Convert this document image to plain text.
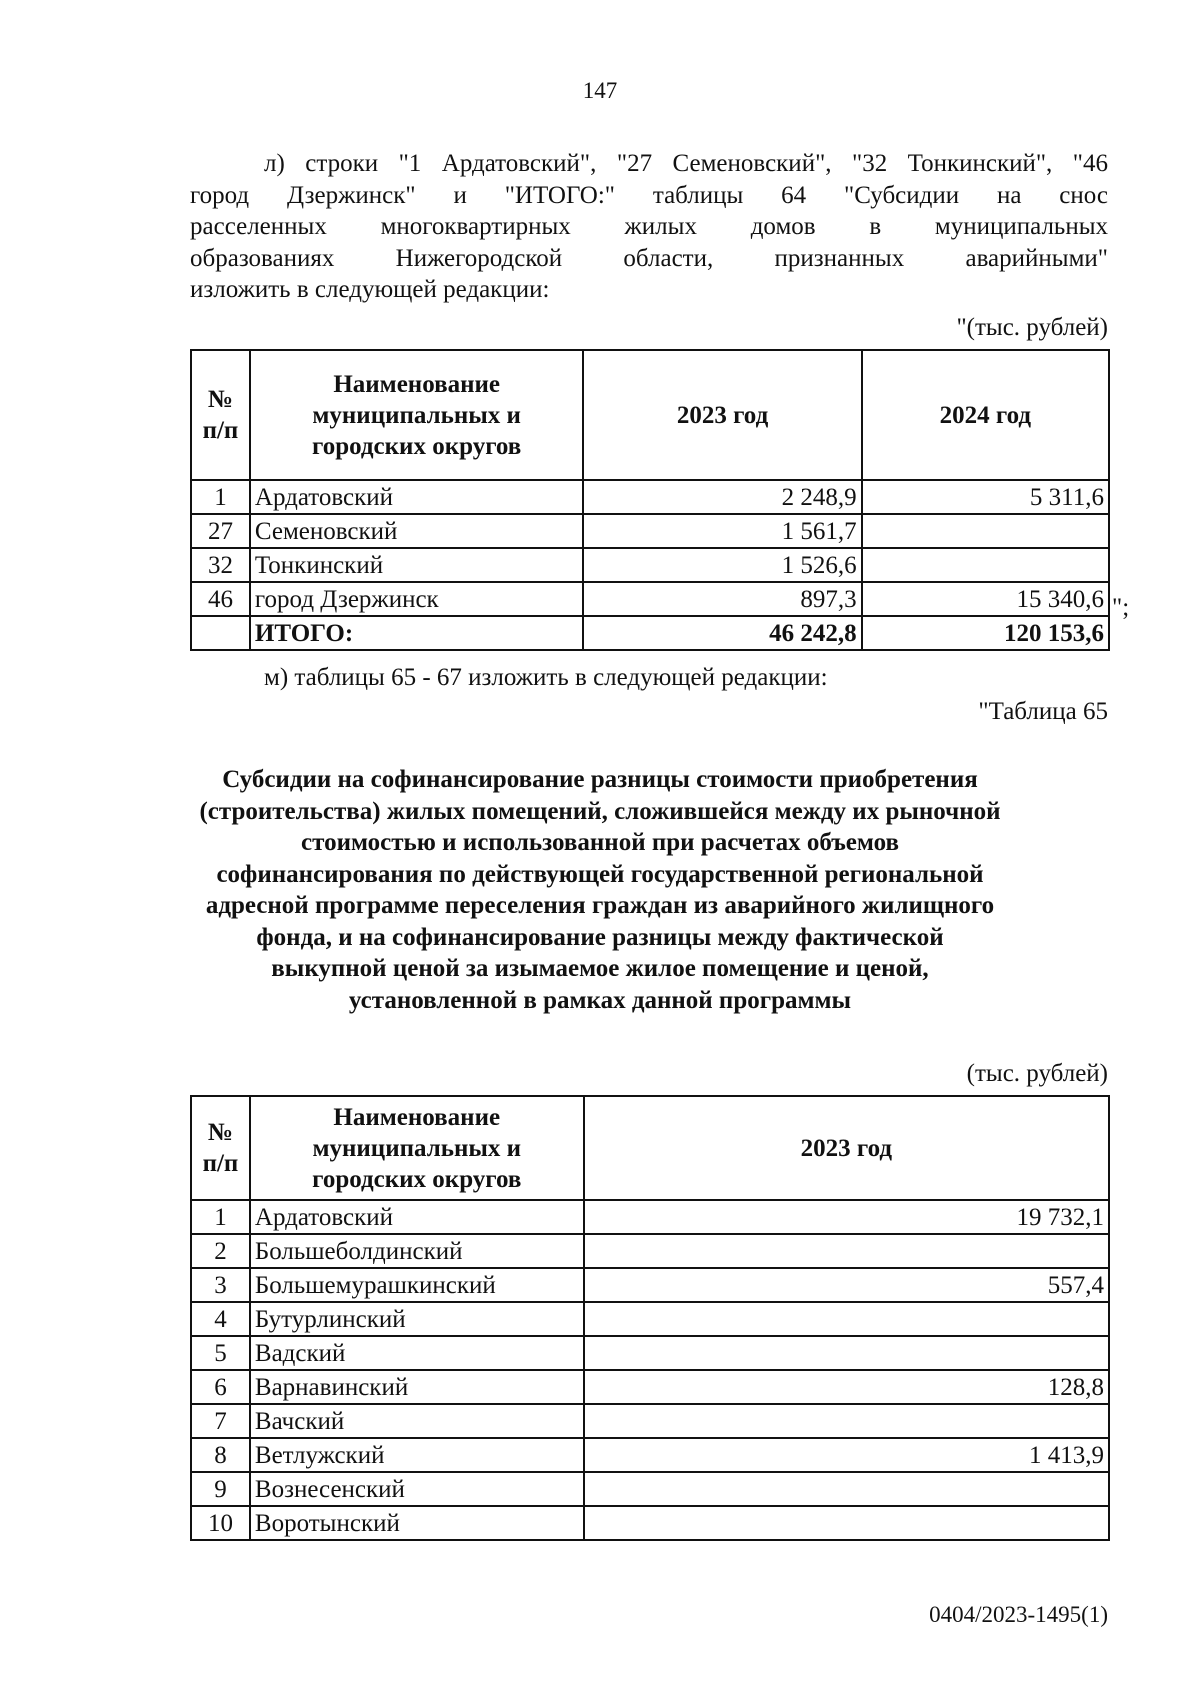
147
л) строки "1 Ардатовский", "27 Семеновский", "32 Тонкинский", "46
город Дзержинск" и "ИТОГО:" таблицы 64 "Субсидии на снос
расселенных многоквартирных жилых домов в муниципальных
образованиях Нижегородской области, признанных аварийными"
изложить в следующей редакции:
"(тыс. рублей)
№ п/п	Наименование муниципальных и городских округов	2023 год	2024 год
1	Ардатовский	2 248,9	5 311,6
27	Семеновский	1 561,7	
32	Тонкинский	1 526,6	
46	город Дзержинск	897,3	15 340,6
	ИТОГО:	46 242,8	120 153,6
";
м) таблицы 65 - 67 изложить в следующей редакции:
"Таблица 65
Субсидии на софинансирование разницы стоимости приобретения
(строительства) жилых помещений, сложившейся между их рыночной
стоимостью и использованной при расчетах объемов
софинансирования по действующей государственной региональной
адресной программе переселения граждан из аварийного жилищного
фонда, и на софинансирование разницы между фактической
выкупной ценой за изымаемое жилое помещение и ценой,
установленной в рамках данной программы
(тыс. рублей)
№ п/п	Наименование муниципальных и городских округов	2023 год
1	Ардатовский	19 732,1
2	Большеболдинский	
3	Большемурашкинский	557,4
4	Бутурлинский	
5	Вадский	
6	Варнавинский	128,8
7	Вачский	
8	Ветлужский	1 413,9
9	Вознесенский	
10	Воротынский	
0404/2023-1495(1)
